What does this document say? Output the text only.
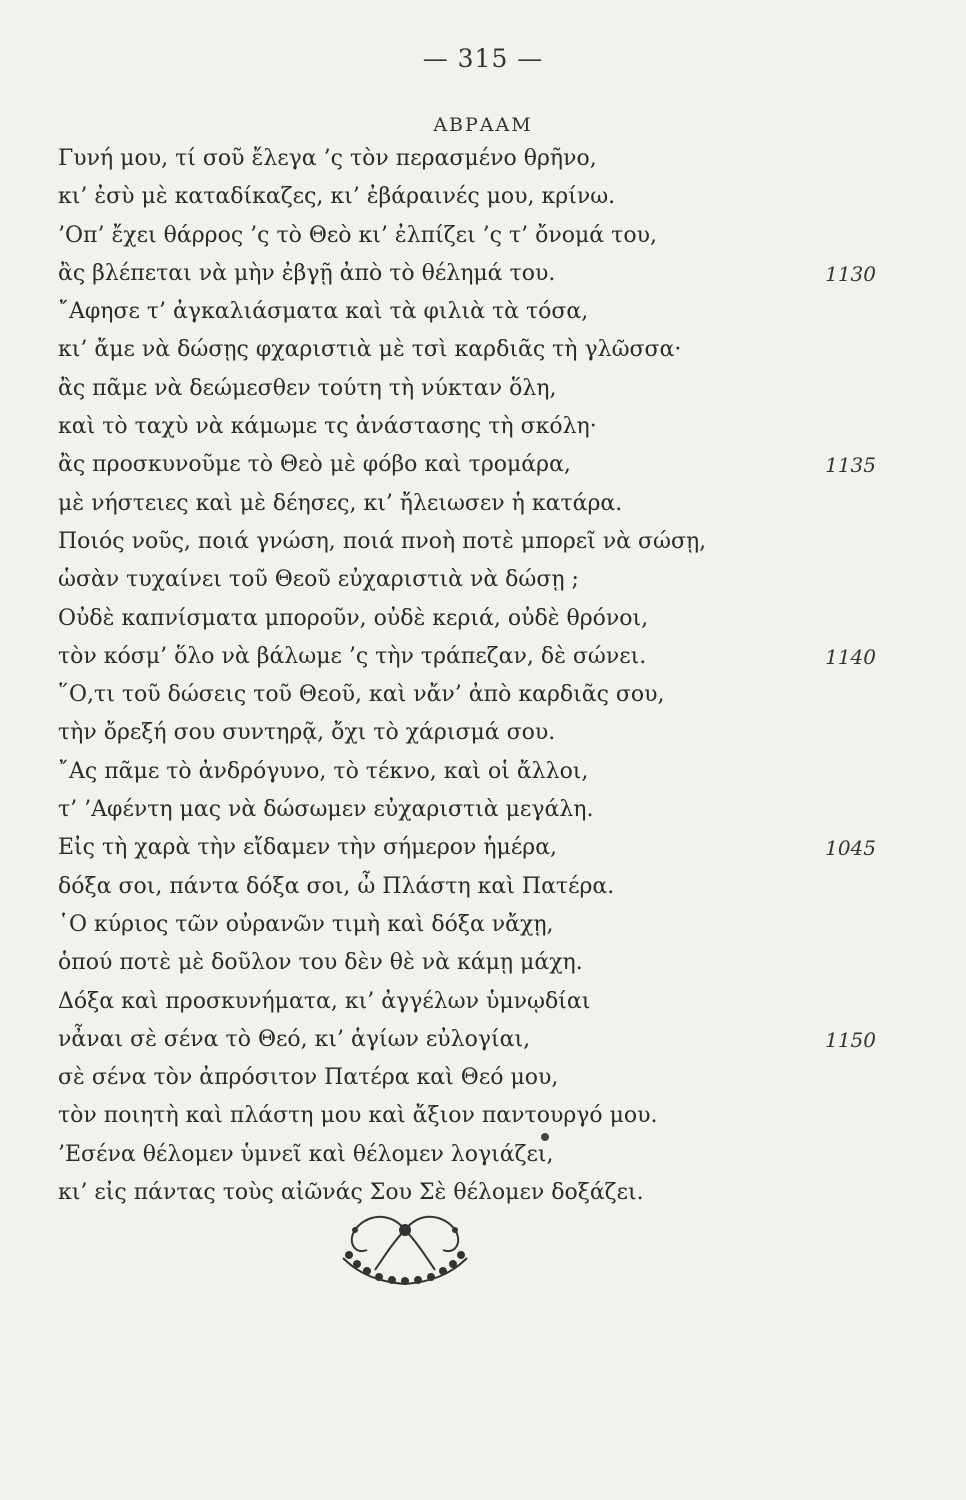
— 315 —
ΑΒΡΑΑΜ
Γυνή μου, τί σοῦ ἔλεγα ’ς τὸν περασμένο θρῆνο,
κι’ ἐσὺ μὲ καταδίκαζες, κι’ ἐβάραινές μου, κρίνω.
’Οπ’ ἔχει θάρρος ’ς τὸ Θεὸ κι’ ἐλπίζει ’ς τ’ ὄνομά του,
ἂς βλέπεται νὰ μὴν ἐβγῇ ἀπὸ τὸ θέλημά του.	1130
῎Αφησε τ’ ἀγκαλιάσματα καὶ τὰ φιλιὰ τὰ τόσα,
κι’ ἄμε νὰ δώσῃς φχαριστιὰ μὲ τσὶ καρδιᾶς τὴ γλῶσσα·
ἂς πᾶμε νὰ δεώμεσθεν τούτη τὴ νύκταν ὅλη,
καὶ τὸ ταχὺ νὰ κάμωμε τς ἀνάστασης τὴ σκόλη·
ἂς προσκυνοῦμε τὸ Θεὸ μὲ φόβο καὶ τρομάρα,	1135
μὲ νήστειες καὶ μὲ δέησες, κι’ ἤλειωσεν ἡ κατάρα.
Ποιός νοῦς, ποιά γνώση, ποιά πνοὴ ποτὲ μπορεῖ νὰ σώσῃ,
ὡσὰν τυχαίνει τοῦ Θεοῦ εὐχαριστιὰ νὰ δώσῃ ;
Οὐδὲ καπνίσματα μποροῦν, οὐδὲ κεριά, οὐδὲ θρόνοι,
τὸν κόσμ’ ὅλο νὰ βάλωμε ’ς τὴν τράπεζαν, δὲ σώνει.	1140
῞Ο,τι τοῦ δώσεις τοῦ Θεοῦ, καὶ νἄν’ ἀπὸ καρδιᾶς σου,
τὴν ὄρεξή σου συντηρᾷ, ὄχι τὸ χάρισμά σου.
῎Ας πᾶμε τὸ ἀνδρόγυνο, τὸ τέκνο, καὶ οἱ ἄλλοι,
τ’ ’Αφέντη μας νὰ δώσωμεν εὐχαριστιὰ μεγάλη.
Εἰς τὴ χαρὰ τὴν εἴδαμεν τὴν σήμερον ἡμέρα,	1045
δόξα σοι, πάντα δόξα σοι, ὦ Πλάστη καὶ Πατέρα.
῾Ο κύριος τῶν οὐρανῶν τιμὴ καὶ δόξα νἄχῃ,
ὁπού ποτὲ μὲ δοῦλον του δὲν θὲ νὰ κάμῃ μάχη.
Δόξα καὶ προσκυνήματα, κι’ ἀγγέλων ὑμνῳδίαι
νἆναι σὲ σένα τὸ Θεό, κι’ ἁγίων εὐλογίαι,	1150
σὲ σένα τὸν ἀπρόσιτον Πατέρα καὶ Θεό μου,
τὸν ποιητὴ καὶ πλάστη μου καὶ ἄξιον παντουργό μου.
’Εσένα θέλομεν ὑμνεῖ καὶ θέλομεν λογιάζει,
κι’ εἰς πάντας τοὺς αἰῶνάς Σου Σὲ θέλομεν δοξάζει.
